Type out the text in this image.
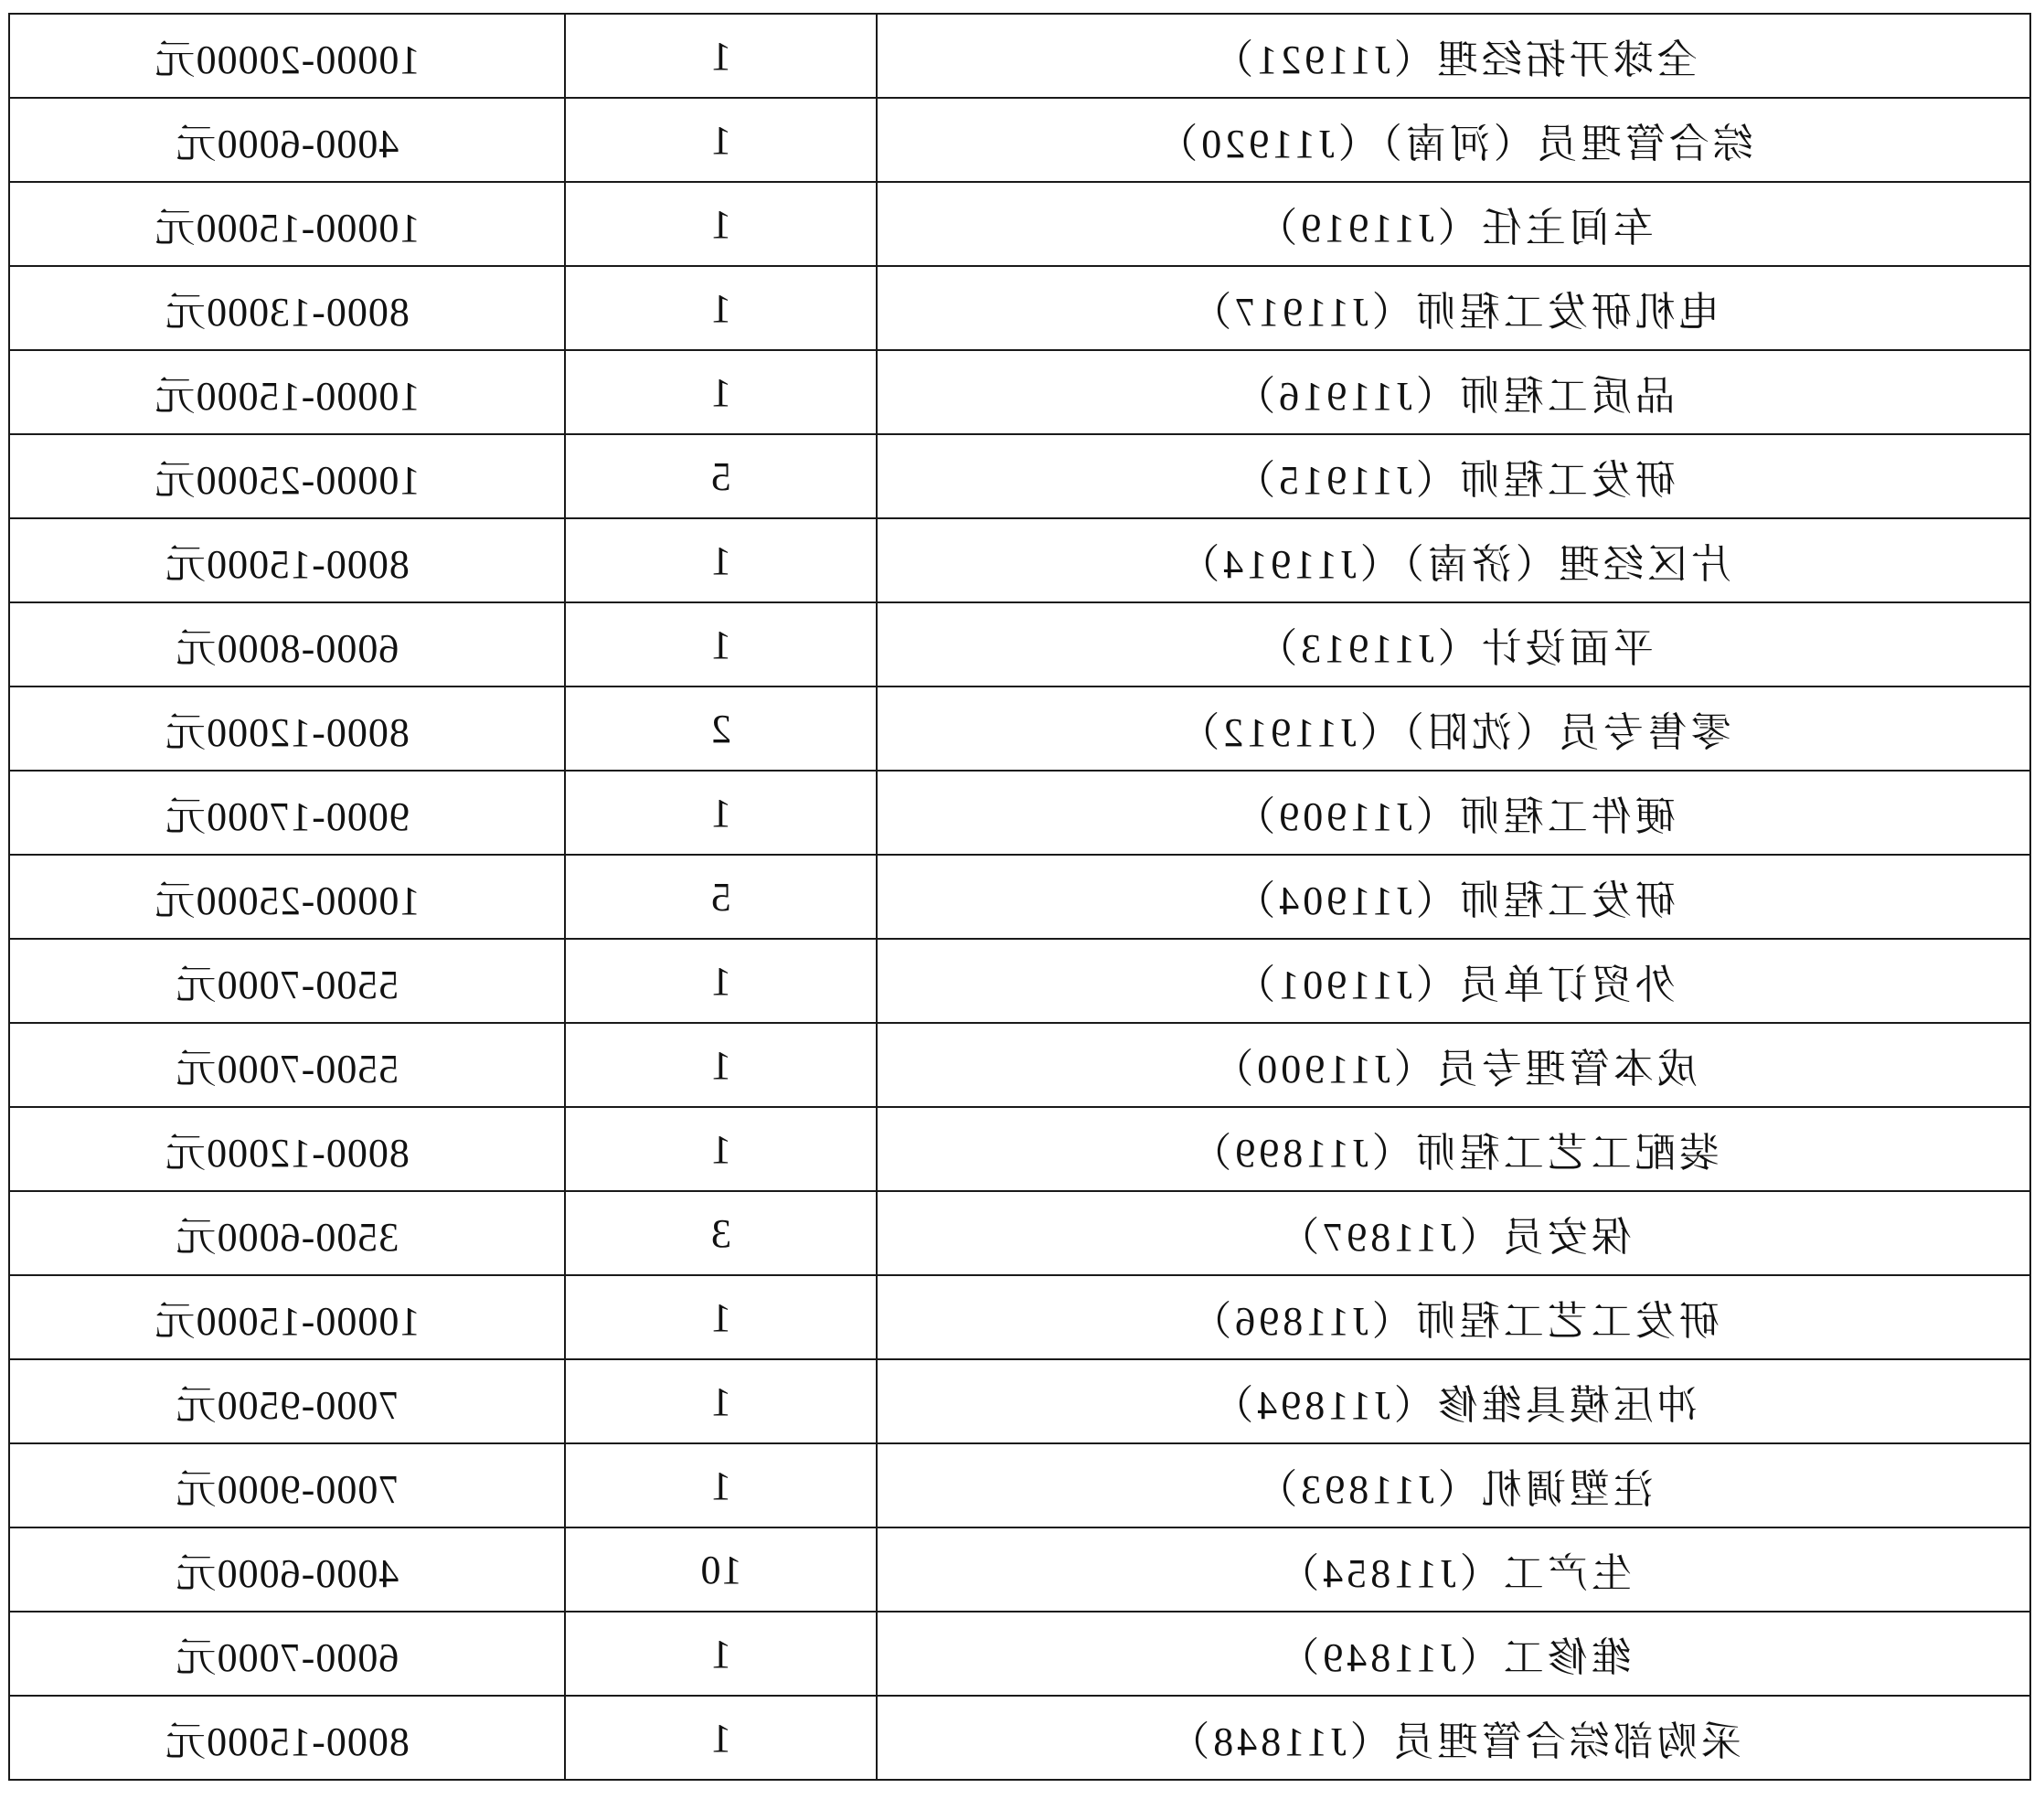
全球开拓经理（J11921）	1	10000-20000元
综合管理员（河南）（J11920）	1	4000-6000元
车间主任（J11919）	1	10000-15000元
电机研发工程师（J11917）	1	8000-13000元
品质工程师（J11916）	1	10000-15000元
研发工程师（J11915）	5	10000-25000元
片区经理（济南）（J11914）	1	8000-15000元
平面设计（J11913）	1	6000-8000元
零售专员（沈阳）（J11912）	2	8000-12000元
硬件工程师（J11909）	1	9000-17000元
研发工程师（J11904）	5	10000-25000元
外贸订单员（J11901）	1	5500-7000元
成本管理专员（J11900）	1	5500-7000元
装配工艺工程师（J11899）	1	8000-12000元
保安员（J11897）	3	3500-6000元
研发工艺工程师（J11896）	1	10000-15000元
冲压模具维修（J11894）	1	7000-9500元
注塑调机（J11893）	1	7000-9000元
生产工（J11854）	10	4000-6000元
维修工（J11849）	1	6000-7000元
采购部综合管理员（J11848）	1	8000-15000元
